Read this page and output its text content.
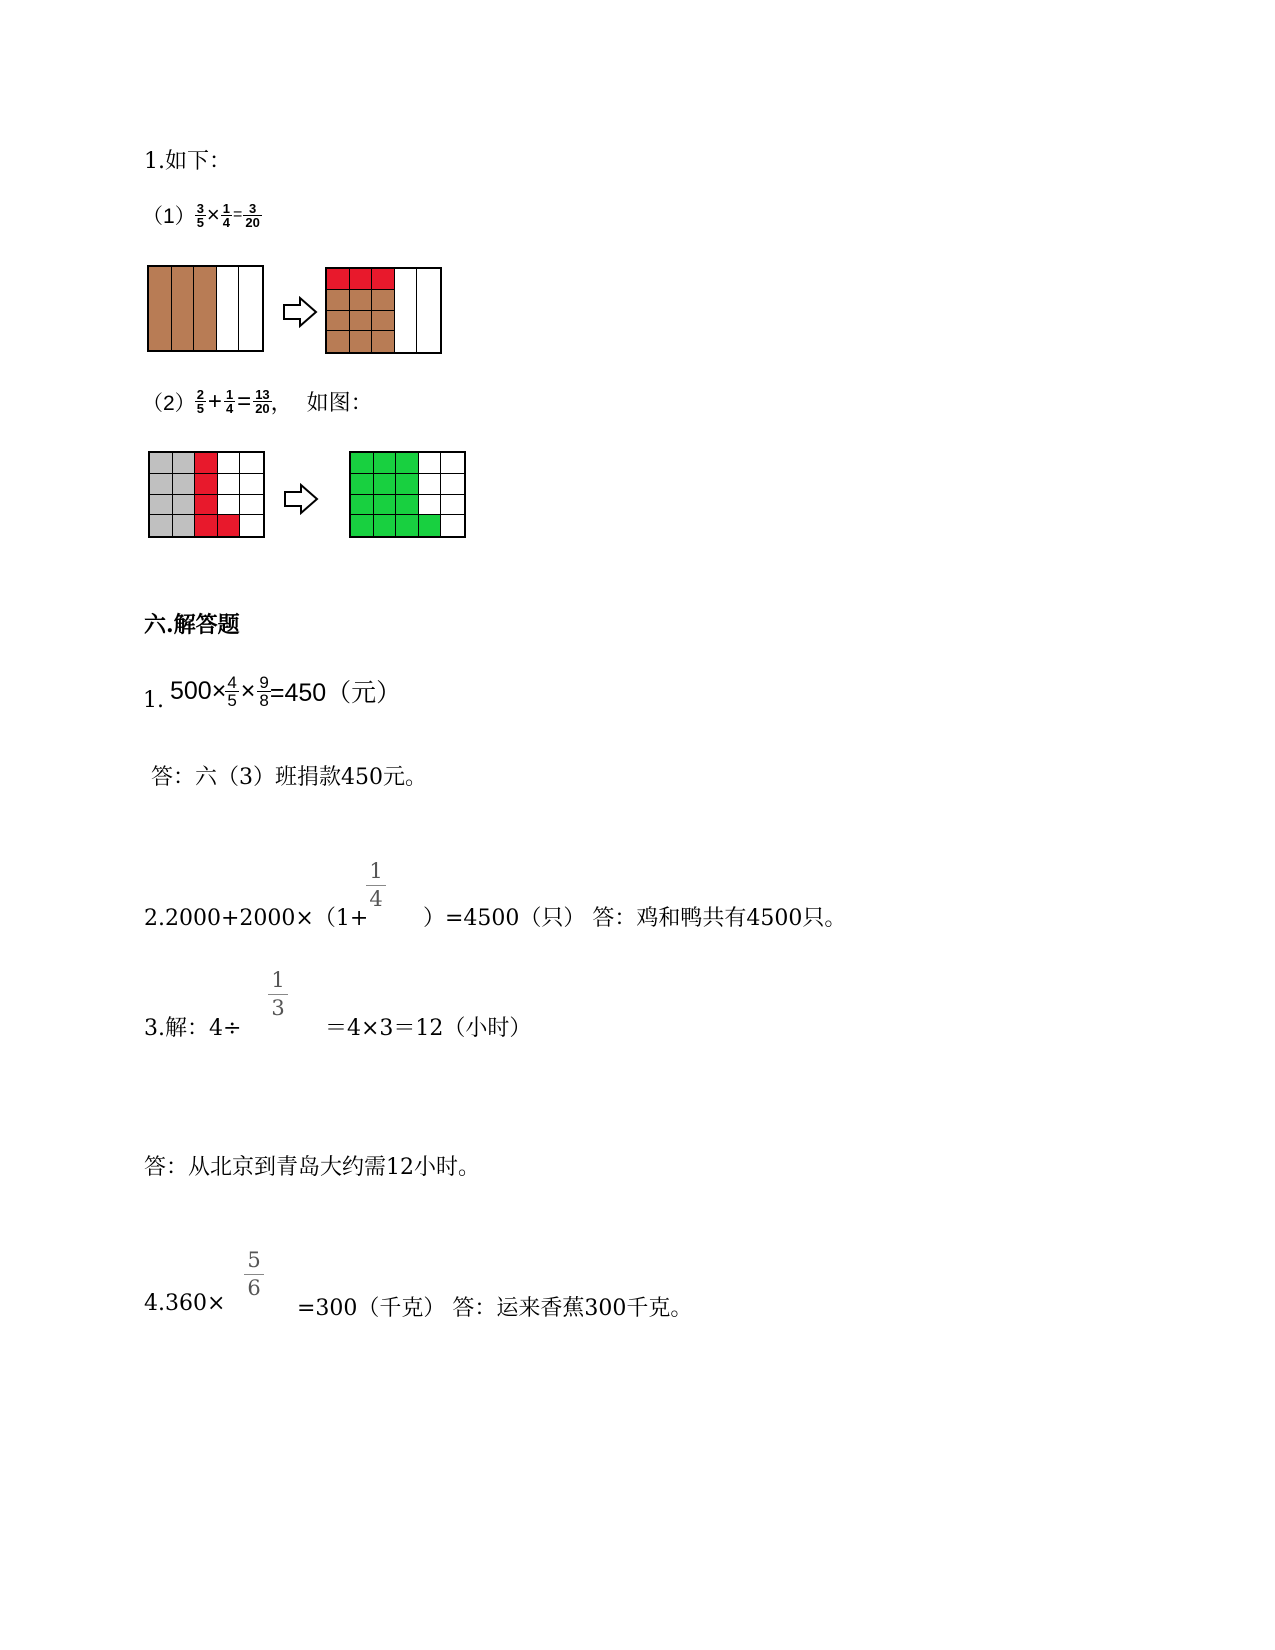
1.如下：
$(1) \frac{3}{5} \times \frac{1}{4} = \frac{3}{20}$
$(2) \frac{2}{5} + \frac{1}{4} = \frac{13}{20}$ ，  如图：
六.解答题
1. $500\times \frac{4}{5} \times \frac{9}{8} =450$（元）
答：六（3）班捐款450元。
2.2000+2000×（1+
1
4
）=4500（只） 答：鸡和鸭共有4500只。
3.解：4÷
1
3
＝4×3＝12（小时）
答：从北京到青岛大约需12小时。
4.360×
5
6
=300（千克） 答：运来香蕉300千克。
